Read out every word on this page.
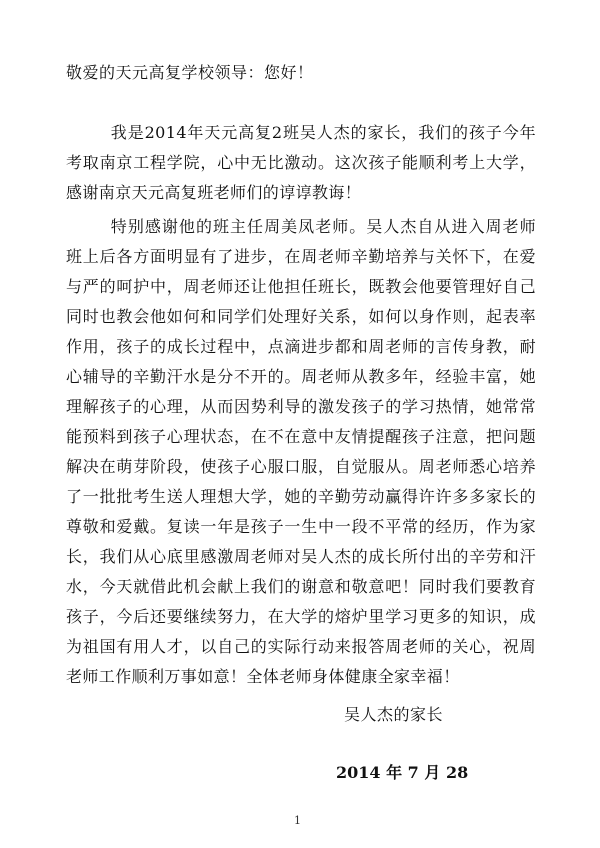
敬爱的天元高复学校领导：您好！

我是2014年天元高复2班吴人杰的家长，我们的孩子今年考取南京工程学院，心中无比激动。这次孩子能顺利考上大学，感谢南京天元高复班老师们的谆谆教诲！

特别感谢他的班主任周美凤老师。吴人杰自从进入周老师班上后各方面明显有了进步，在周老师辛勤培养与关怀下，在爱与严的呵护中，周老师还让他担任班长，既教会他要管理好自己同时也教会他如何和同学们处理好关系，如何以身作则，起表率作用，孩子的成长过程中，点滴进步都和周老师的言传身教，耐心辅导的辛勤汗水是分不开的。周老师从教多年，经验丰富，她理解孩子的心理，从而因势利导的激发孩子的学习热情，她常常能预料到孩子心理状态，在不在意中友情提醒孩子注意，把问题解决在萌芽阶段，使孩子心服口服，自觉服从。周老师悉心培养了一批批考生送人理想大学，她的辛勤劳动赢得许许多多家长的尊敬和爱戴。复读一年是孩子一生中一段不平常的经历，作为家长，我们从心底里感激周老师对吴人杰的成长所付出的辛劳和汗水，今天就借此机会献上我们的谢意和敬意吧！同时我们要教育孩子，今后还要继续努力，在大学的熔炉里学习更多的知识，成为祖国有用人才，以自己的实际行动来报答周老师的关心，祝周老师工作顺利万事如意！全体老师身体健康全家幸福！

吴人杰的家长
2014 年 7 月 28
1
